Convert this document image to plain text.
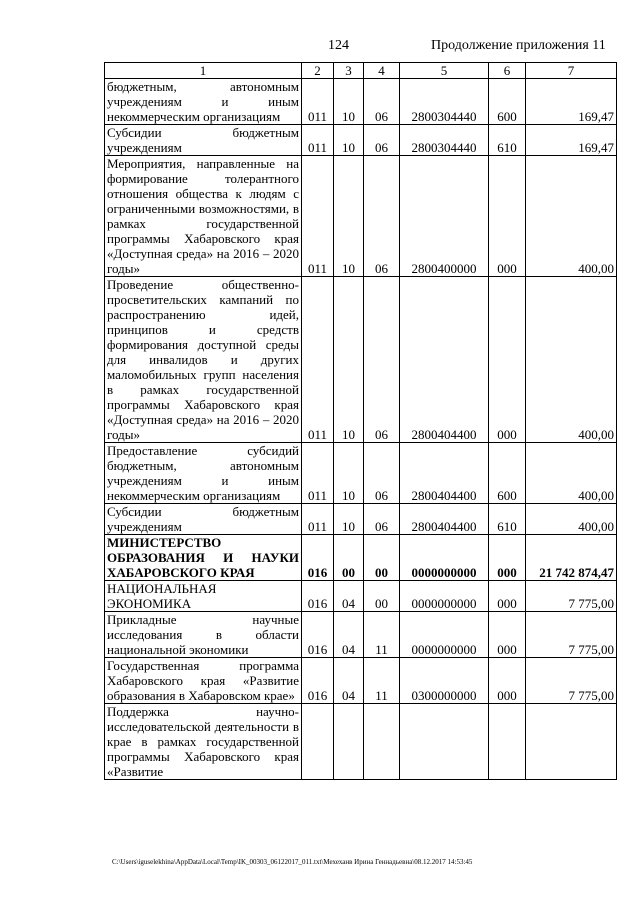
124	Продолжение приложения 11
1	2	3	4	5	6	7
бюджетным, автономным учреждениям и иным некоммерческим организациям	011	10	06	2800304440	600	169,47
Субсидии бюджетным учреждениям	011	10	06	2800304440	610	169,47
Мероприятия, направленные на формирование толерантного отношения общества к людям с ограниченными возможностями, в рамках государственной программы Хабаровского края «Доступная среда» на 2016 – 2020 годы»	011	10	06	2800400000	000	400,00
Проведение общественно-просветительских кампаний по распространению идей, принципов и средств формирования доступной среды для инвалидов и других маломобильных групп населения в рамках государственной программы Хабаровского края «Доступная среда» на 2016 – 2020 годы»	011	10	06	2800404400	000	400,00
Предоставление субсидий бюджетным, автономным учреждениям и иным некоммерческим организациям	011	10	06	2800404400	600	400,00
Субсидии бюджетным учреждениям	011	10	06	2800404400	610	400,00
МИНИСТЕРСТВО ОБРАЗОВАНИЯ И НАУКИ ХАБАРОВСКОГО КРАЯ	016	00	00	0000000000	000	21 742 874,47
НАЦИОНАЛЬНАЯ ЭКОНОМИКА	016	04	00	0000000000	000	7 775,00
Прикладные научные исследования в области национальной экономики	016	04	11	0000000000	000	7 775,00
Государственная программа Хабаровского края «Развитие образования в Хабаровском крае»	016	04	11	0300000000	000	7 775,00
Поддержка научно-исследовательской деятельности в крае в рамках государственной программы Хабаровского края «Развитие						
C:\Users\iguselekhina\AppData\Local\Temp\IK_00303_06122017_011.txt\Мехеханв Ирина Геннадьевна\08.12.2017 14:53:45
